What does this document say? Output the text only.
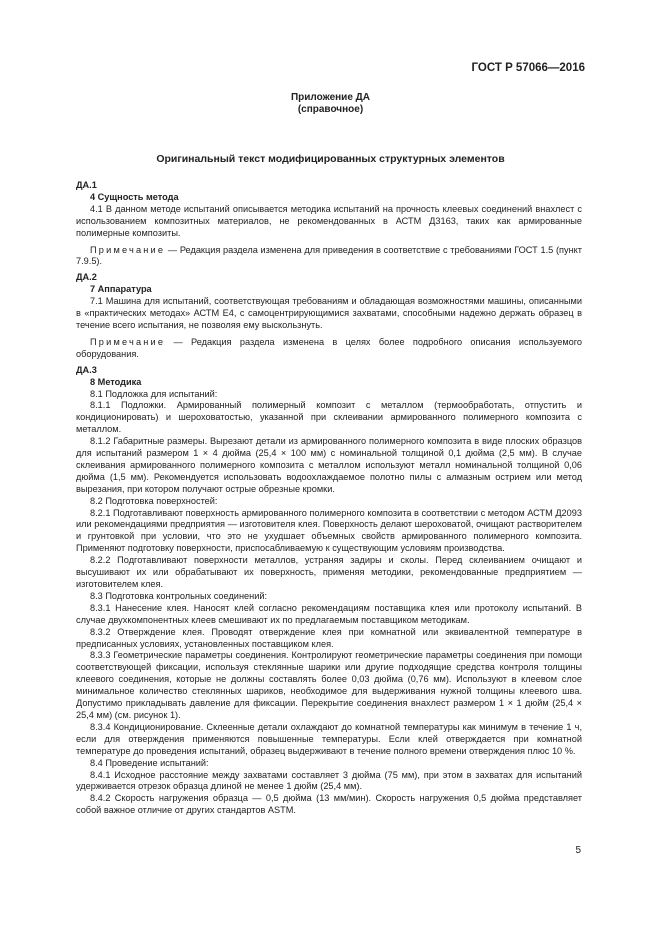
ГОСТ Р 57066—2016
Приложение ДА
(справочное)
Оригинальный текст модифицированных структурных элементов

ДА.1

4 Сущность метода

4.1 В данном методе испытаний описывается методика испытаний на прочность клеевых соединений внахлест с использованием композитных материалов, не рекомендованных в АСТМ Д3163, таких как армированные полимерные композиты.

Примечание — Редакция раздела изменена для приведения в соответствие с требованиями ГОСТ 1.5 (пункт 7.9.5).

ДА.2

7 Аппаратура

7.1 Машина для испытаний, соответствующая требованиям и обладающая возможностями машины, описанными в «практических методах» АСТМ Е4, с самоцентрирующимися захватами, способными надежно держать образец в течение всего испытания, не позволяя ему выскользнуть.

Примечание — Редакция раздела изменена в целях более подробного описания используемого оборудования.

ДА.3

8 Методика

8.1 Подложка для испытаний:

8.1.1 Подложки. Армированный полимерный композит с металлом (термообработать, отпустить и кондиционировать) и шероховатостью, указанной при склеивании армированного полимерного композита с металлом.

8.1.2 Габаритные размеры. Вырезают детали из армированного полимерного композита в виде плоских образцов для испытаний размером 1 × 4 дюйма (25,4 × 100 мм) с номинальной толщиной 0,1 дюйма (2,5 мм). В случае склеивания армированного полимерного композита с металлом используют металл номинальной толщиной 0,06 дюйма (1,5 мм). Рекомендуется использовать водоохлаждаемое полотно пилы с алмазным острием или метод вырезания, при котором получают острые обрезные кромки.

8.2 Подготовка поверхностей:

8.2.1 Подготавливают поверхность армированного полимерного композита в соответствии с методом АСТМ Д2093 или рекомендациями предприятия — изготовителя клея. Поверхность делают шероховатой, очищают растворителем и грунтовкой при условии, что это не ухудшает объемных свойств армированного полимерного композита. Применяют подготовку поверхности, приспосабливаемую к существующим условиям производства.

8.2.2 Подготавливают поверхности металлов, устраняя задиры и сколы. Перед склеиванием очищают и высушивают их или обрабатывают их поверхность, применяя методики, рекомендованные предприятием — изготовителем клея.

8.3 Подготовка контрольных соединений:

8.3.1 Нанесение клея. Наносят клей согласно рекомендациям поставщика клея или протоколу испытаний. В случае двухкомпонентных клеев смешивают их по предлагаемым поставщиком методикам.

8.3.2 Отверждение клея. Проводят отверждение клея при комнатной или эквивалентной температуре в предписанных условиях, установленных поставщиком клея.

8.3.3 Геометрические параметры соединения. Контролируют геометрические параметры соединения при помощи соответствующей фиксации, используя стеклянные шарики или другие подходящие средства контроля толщины клеевого соединения, которые не должны составлять более 0,03 дюйма (0,76 мм). Используют в клеевом слое минимальное количество стеклянных шариков, необходимое для выдерживания нужной толщины клеевого шва. Допустимо прикладывать давление для фиксации. Перекрытие соединения внахлест размером 1 × 1 дюйм (25,4 × 25,4 мм) (см. рисунок 1).

8.3.4 Кондиционирование. Склеенные детали охлаждают до комнатной температуры как минимум в течение 1 ч, если для отверждения применяются повышенные температуры. Если клей отверждается при комнатной температуре до проведения испытаний, образец выдерживают в течение полного времени отверждения плюс 10 %.

8.4 Проведение испытаний:

8.4.1 Исходное расстояние между захватами составляет 3 дюйма (75 мм), при этом в захватах для испытаний удерживается отрезок образца длиной не менее 1 дюйм (25,4 мм).

8.4.2 Скорость нагружения образца — 0,5 дюйма (13 мм/мин). Скорость нагружения 0,5 дюйма представляет собой важное отличие от других стандартов ASTM.

5
